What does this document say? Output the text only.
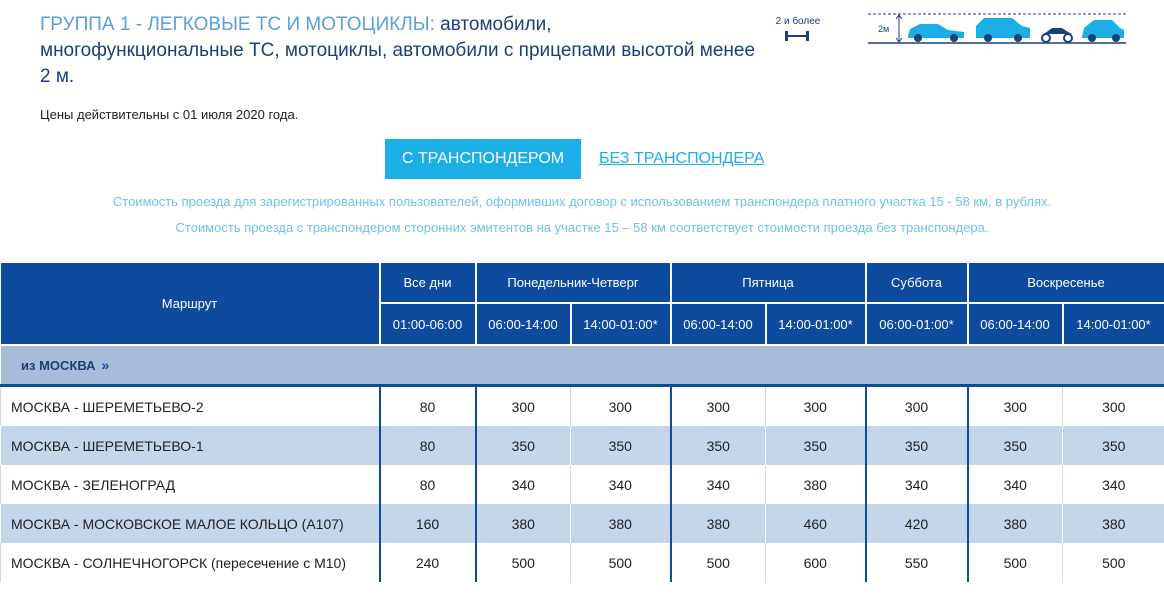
ГРУППА 1 - ЛЕГКОВЫЕ ТС И МОТОЦИКЛЫ: автомобили, многофункциональные ТС, мотоциклы, автомобили с прицепами высотой менее 2 м.
2 и более
2м
Цены действительны с 01 июля 2020 года.
С ТРАНСПОНДЕРОМ	БЕЗ ТРАНСПОНДЕРА
Стоимость проезда для зарегистрированных пользователей, оформивших договор с использованием транспондера платного участка 15 - 58 км, в рублях.
Стоимость проезда с транспондером сторонних эмитентов на участке 15 – 58 км соответствует стоимости проезда без транспондера.
Маршрут	Все дни	Понедельник-Четверг		Пятница		Суббота	Воскресенье	
	01:00-06:00	06:00-14:00	14:00-01:00*	06:00-14:00	14:00-01:00*	06:00-01:00*	06:00-14:00	14:00-01:00*
из МОСКВА »								
МОСКВА - ШЕРЕМЕТЬЕВО-2	80	300	300	300	300	300	300	300
МОСКВА - ШЕРЕМЕТЬЕВО-1	80	350	350	350	350	350	350	350
МОСКВА - ЗЕЛЕНОГРАД	80	340	340	340	380	340	340	340
МОСКВА - МОСКОВСКОЕ МАЛОЕ КОЛЬЦО (А107)	160	380	380	380	460	420	380	380
МОСКВА - СОЛНЕЧНОГОРСК (пересечение с М10)	240	500	500	500	600	550	500	500
